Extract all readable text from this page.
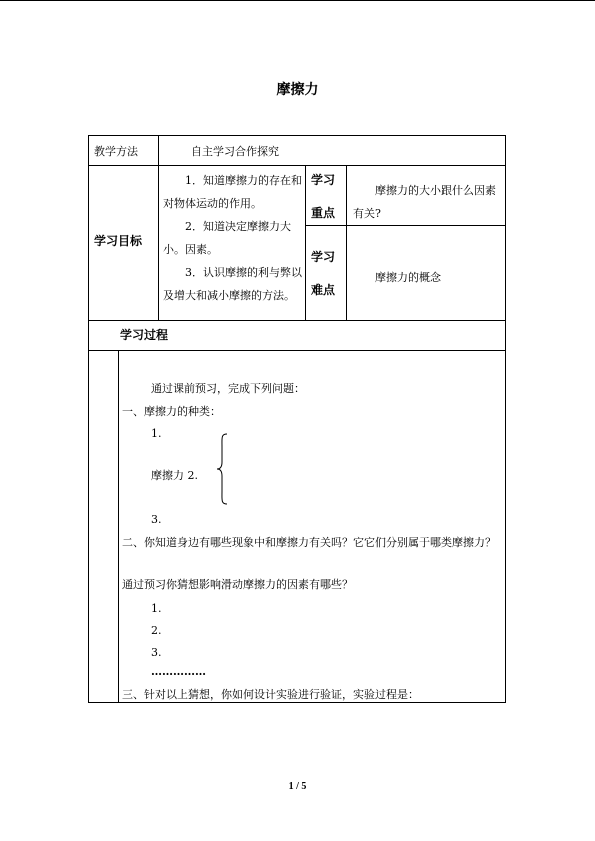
摩擦力
教学方法	自主学习合作探究
学习目标
1．知道摩擦力的存在和对物体运动的作用。
2．知道决定摩擦力大小。因素。
3．认识摩擦的利与弊以及增大和减小摩擦的方法。
学习
重点
摩擦力的大小跟什么因素有关?
学习
难点
摩擦力的概念
学习过程
通过课前预习，完成下列问题：
一、摩擦力的种类：
1.
摩擦力 2.
3.
二、你知道身边有哪些现象中和摩擦力有关吗？它它们分别属于哪类摩擦力？
通过预习你猜想影响滑动摩擦力的因素有哪些？
1.
2.
3.
……………
三、针对以上猜想，你如何设计实验进行验证，实验过程是：
1 / 5
